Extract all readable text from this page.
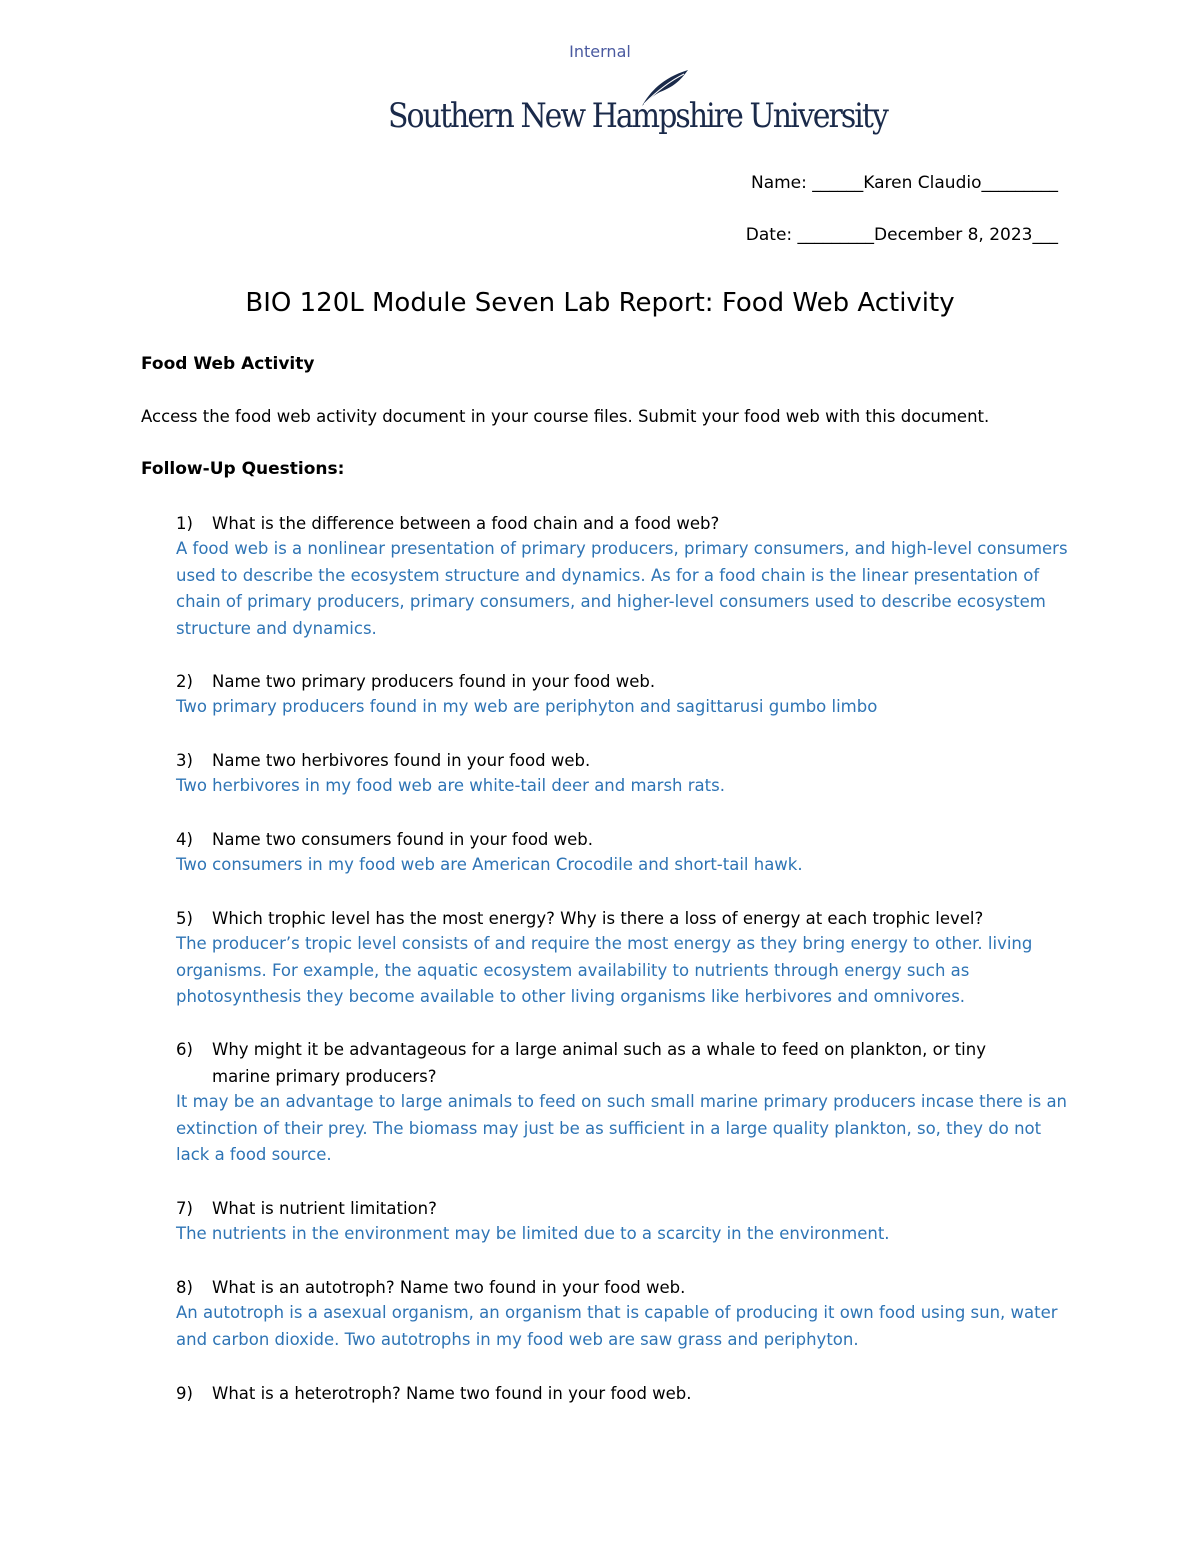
Internal
Southern New Hampshire University
Name: ______Karen Claudio_________
Date: _________December 8, 2023___
BIO 120L Module Seven Lab Report: Food Web Activity
Food Web Activity
Access the food web activity document in your course files. Submit your food web with this document.
Follow-Up Questions:
1) What is the difference between a food chain and a food web?
A food web is a nonlinear presentation of primary producers, primary consumers, and high-level consumers used to describe the ecosystem structure and dynamics. As for a food chain is the linear presentation of chain of primary producers, primary consumers, and higher-level consumers used to describe ecosystem structure and dynamics.
2) Name two primary producers found in your food web.
Two primary producers found in my web are periphyton and sagittarusi gumbo limbo
3) Name two herbivores found in your food web.
Two herbivores in my food web are white-tail deer and marsh rats.
4) Name two consumers found in your food web.
Two consumers in my food web are American Crocodile and short-tail hawk.
5) Which trophic level has the most energy? Why is there a loss of energy at each trophic level?
The producer’s tropic level consists of and require the most energy as they bring energy to other. living organisms. For example, the aquatic ecosystem availability to nutrients through energy such as photosynthesis they become available to other living organisms like herbivores and omnivores.
6) Why might it be advantageous for a large animal such as a whale to feed on plankton, or tiny
marine primary producers?
It may be an advantage to large animals to feed on such small marine primary producers incase there is an extinction of their prey. The biomass may just be as sufficient in a large quality plankton, so, they do not lack a food source.
7) What is nutrient limitation?
The nutrients in the environment may be limited due to a scarcity in the environment.
8) What is an autotroph? Name two found in your food web.
An autotroph is a asexual organism, an organism that is capable of producing it own food using sun, water and carbon dioxide. Two autotrophs in my food web are saw grass and periphyton.
9) What is a heterotroph? Name two found in your food web.
